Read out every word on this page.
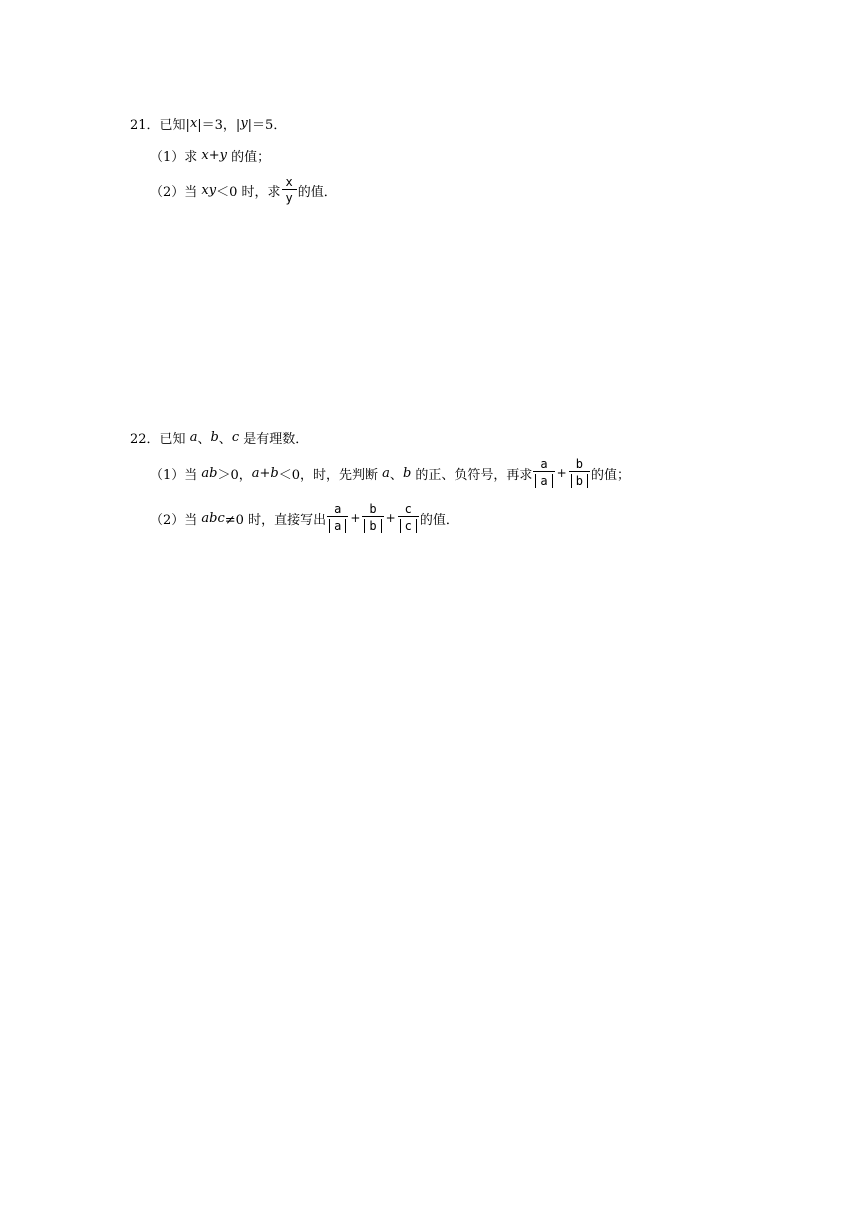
21． 已知| x |＝3，| y |＝5．
（1） 求 x+y 的值；
（2） 当 xy ＜0 时，求 $\frac{x}{y}$ 的值．
22． 已知 a 、 b 、 c 是有理数．
（1） 当 ab ＞0， a+b ＜0，时，先判断 a 、 b 的正、负符号，再求 $\frac{a}{a} + \frac{b}{b}$ 的值；
（2） 当 abc ≠0 时，直接写出 $\frac{a}{a} + \frac{b}{b} + \frac{c}{c}$ 的值．
